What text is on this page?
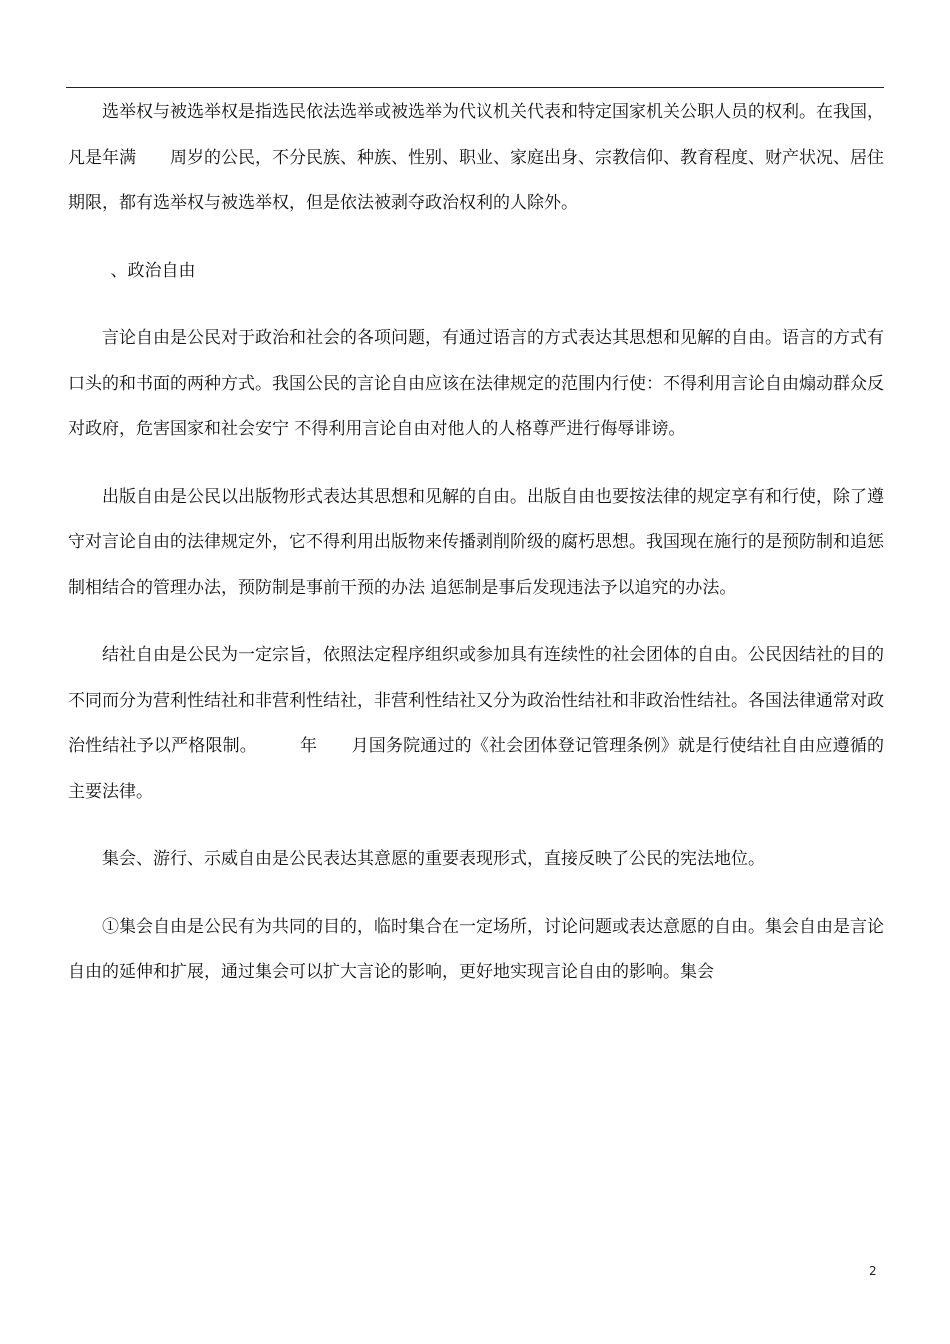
选举权与被选举权是指选民依法选举或被选举为代议机关代表和特定国家机关公职人员的权利。在我国，凡是年满　　周岁的公民，不分民族、种族、性别、职业、家庭出身、宗教信仰、教育程度、财产状况、居住期限，都有选举权与被选举权，但是依法被剥夺政治权利的人除外。

、政治自由

言论自由是公民对于政治和社会的各项问题，有通过语言的方式表达其思想和见解的自由。语言的方式有口头的和书面的两种方式。我国公民的言论自由应该在法律规定的范围内行使：不得利用言论自由煽动群众反对政府，危害国家和社会安宁 不得利用言论自由对他人的人格尊严进行侮辱诽谤。

出版自由是公民以出版物形式表达其思想和见解的自由。出版自由也要按法律的规定享有和行使，除了遵守对言论自由的法律规定外，它不得利用出版物来传播剥削阶级的腐朽思想。我国现在施行的是预防制和追惩制相结合的管理办法，预防制是事前干预的办法 追惩制是事后发现违法予以追究的办法。

结社自由是公民为一定宗旨，依照法定程序组织或参加具有连续性的社会团体的自由。公民因结社的目的不同而分为营利性结社和非营利性结社，非营利性结社又分为政治性结社和非政治性结社。各国法律通常对政治性结社予以严格限制。　　　年　　月国务院通过的《社会团体登记管理条例》就是行使结社自由应遵循的主要法律。

集会、游行、示威自由是公民表达其意愿的重要表现形式，直接反映了公民的宪法地位。

①集会自由是公民有为共同的目的，临时集合在一定场所，讨论问题或表达意愿的自由。集会自由是言论自由的延伸和扩展，通过集会可以扩大言论的影响，更好地实现言论自由的影响。集会

2
